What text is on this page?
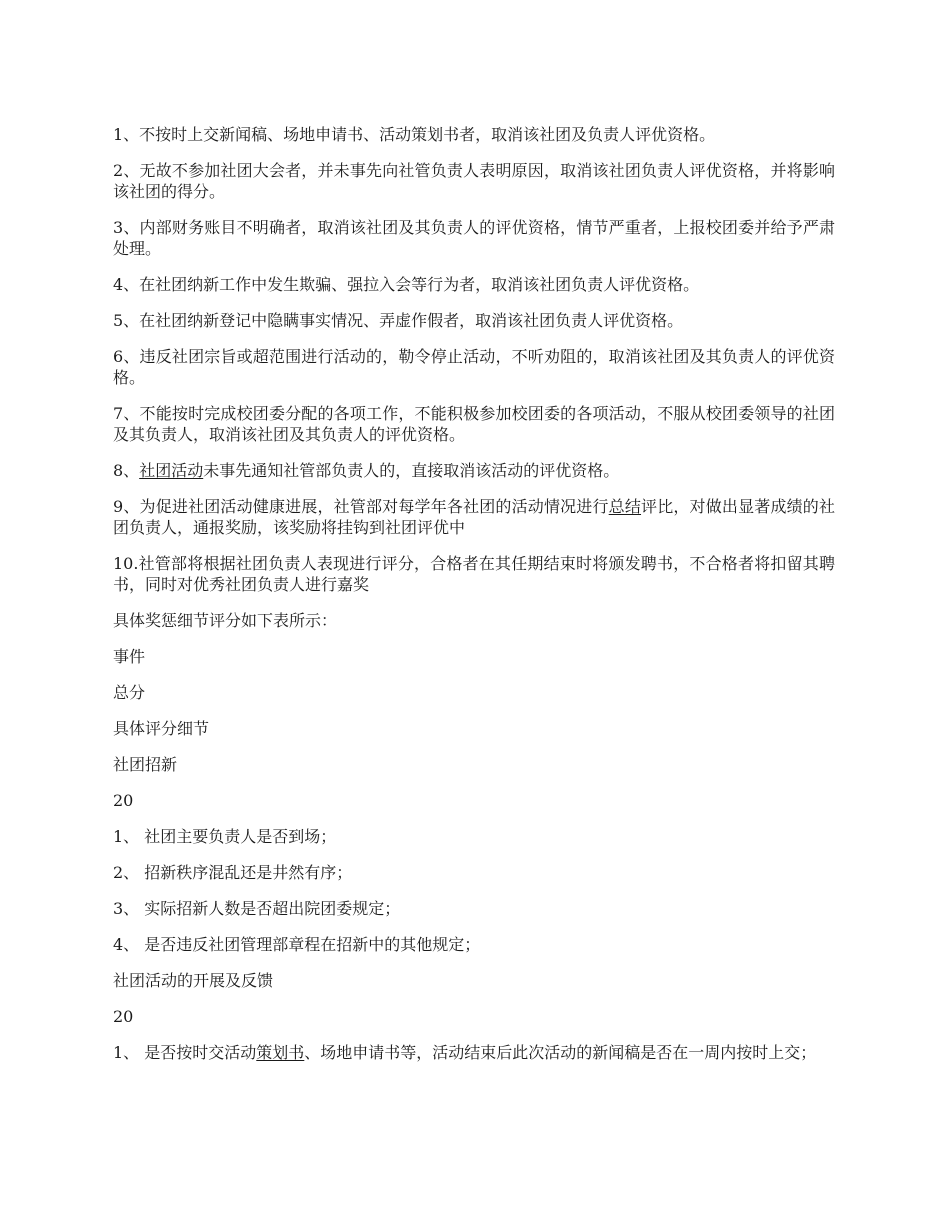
1、不按时上交新闻稿、场地申请书、活动策划书者，取消该社团及负责人评优资格。

2、无故不参加社团大会者，并未事先向社管负责人表明原因，取消该社团负责人评优资格，并将影响该社团的得分。

3、内部财务账目不明确者，取消该社团及其负责人的评优资格，情节严重者，上报校团委并给予严肃处理。

4、在社团纳新工作中发生欺骗、强拉入会等行为者，取消该社团负责人评优资格。

5、在社团纳新登记中隐瞒事实情况、弄虚作假者，取消该社团负责人评优资格。

6、违反社团宗旨或超范围进行活动的，勒令停止活动，不听劝阻的，取消该社团及其负责人的评优资格。

7、不能按时完成校团委分配的各项工作，不能积极参加校团委的各项活动，不服从校团委领导的社团及其负责人，取消该社团及其负责人的评优资格。

8、社团活动未事先通知社管部负责人的，直接取消该活动的评优资格。

9、为促进社团活动健康进展，社管部对每学年各社团的活动情况进行总结评比，对做出显著成绩的社团负责人，通报奖励，该奖励将挂钩到社团评优中

10.社管部将根据社团负责人表现进行评分，合格者在其任期结束时将颁发聘书，不合格者将扣留其聘书，同时对优秀社团负责人进行嘉奖

具体奖惩细节评分如下表所示：

事件

总分

具体评分细节

社团招新

20

1、 社团主要负责人是否到场；

2、 招新秩序混乱还是井然有序；

3、 实际招新人数是否超出院团委规定；

4、 是否违反社团管理部章程在招新中的其他规定；

社团活动的开展及反馈

20

1、 是否按时交活动策划书、场地申请书等，活动结束后此次活动的新闻稿是否在一周内按时上交；
